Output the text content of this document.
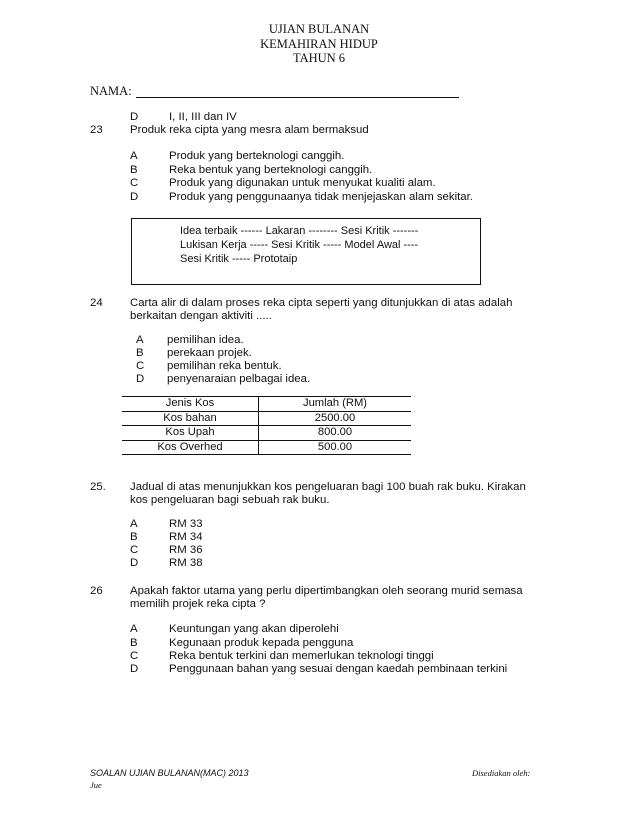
UJIAN BULANAN
KEMAHIRAN HIDUP
TAHUN 6
NAMA:
D	I, II, III dan IV
23 Produk reka cipta yang mesra alam bermaksud
A	Produk yang berteknologi canggih.
B	Reka bentuk yang berteknologi canggih.
C	Produk yang digunakan untuk menyukat kualiti alam.
D	Produk yang penggunaanya tidak menjejaskan alam sekitar.
Idea terbaik ------ Lakaran -------- Sesi Kritik -------
Lukisan Kerja ----- Sesi Kritik ----- Model Awal ----
Sesi Kritik ----- Prototaip
24 Carta alir di dalam proses reka cipta seperti yang ditunjukkan di atas adalah
berkaitan dengan aktiviti .....
A pemilihan idea.
B perekaan projek.
C pemilihan reka bentuk.
D penyenaraian pelbagai idea.
Jenis Kos	Jumlah (RM)
Kos bahan	2500.00
Kos Upah	800.00
Kos Overhed	500.00
25. Jadual di atas menunjukkan kos pengeluaran bagi 100 buah rak buku. Kirakan
kos pengeluaran bagi sebuah rak buku.
A	RM 33
B	RM 34
C	RM 36
D	RM 38
26 Apakah faktor utama yang perlu dipertimbangkan oleh seorang murid semasa
memilih projek reka cipta ?
A	Keuntungan yang akan diperolehi
B	Kegunaan produk kepada pengguna
C	Reka bentuk terkini dan memerlukan teknologi tinggi
D	Penggunaan bahan yang sesuai dengan kaedah pembinaan terkini
SOALAN UJIAN BULANAN(MAC) 2013	Disediakan oleh:
Jue
